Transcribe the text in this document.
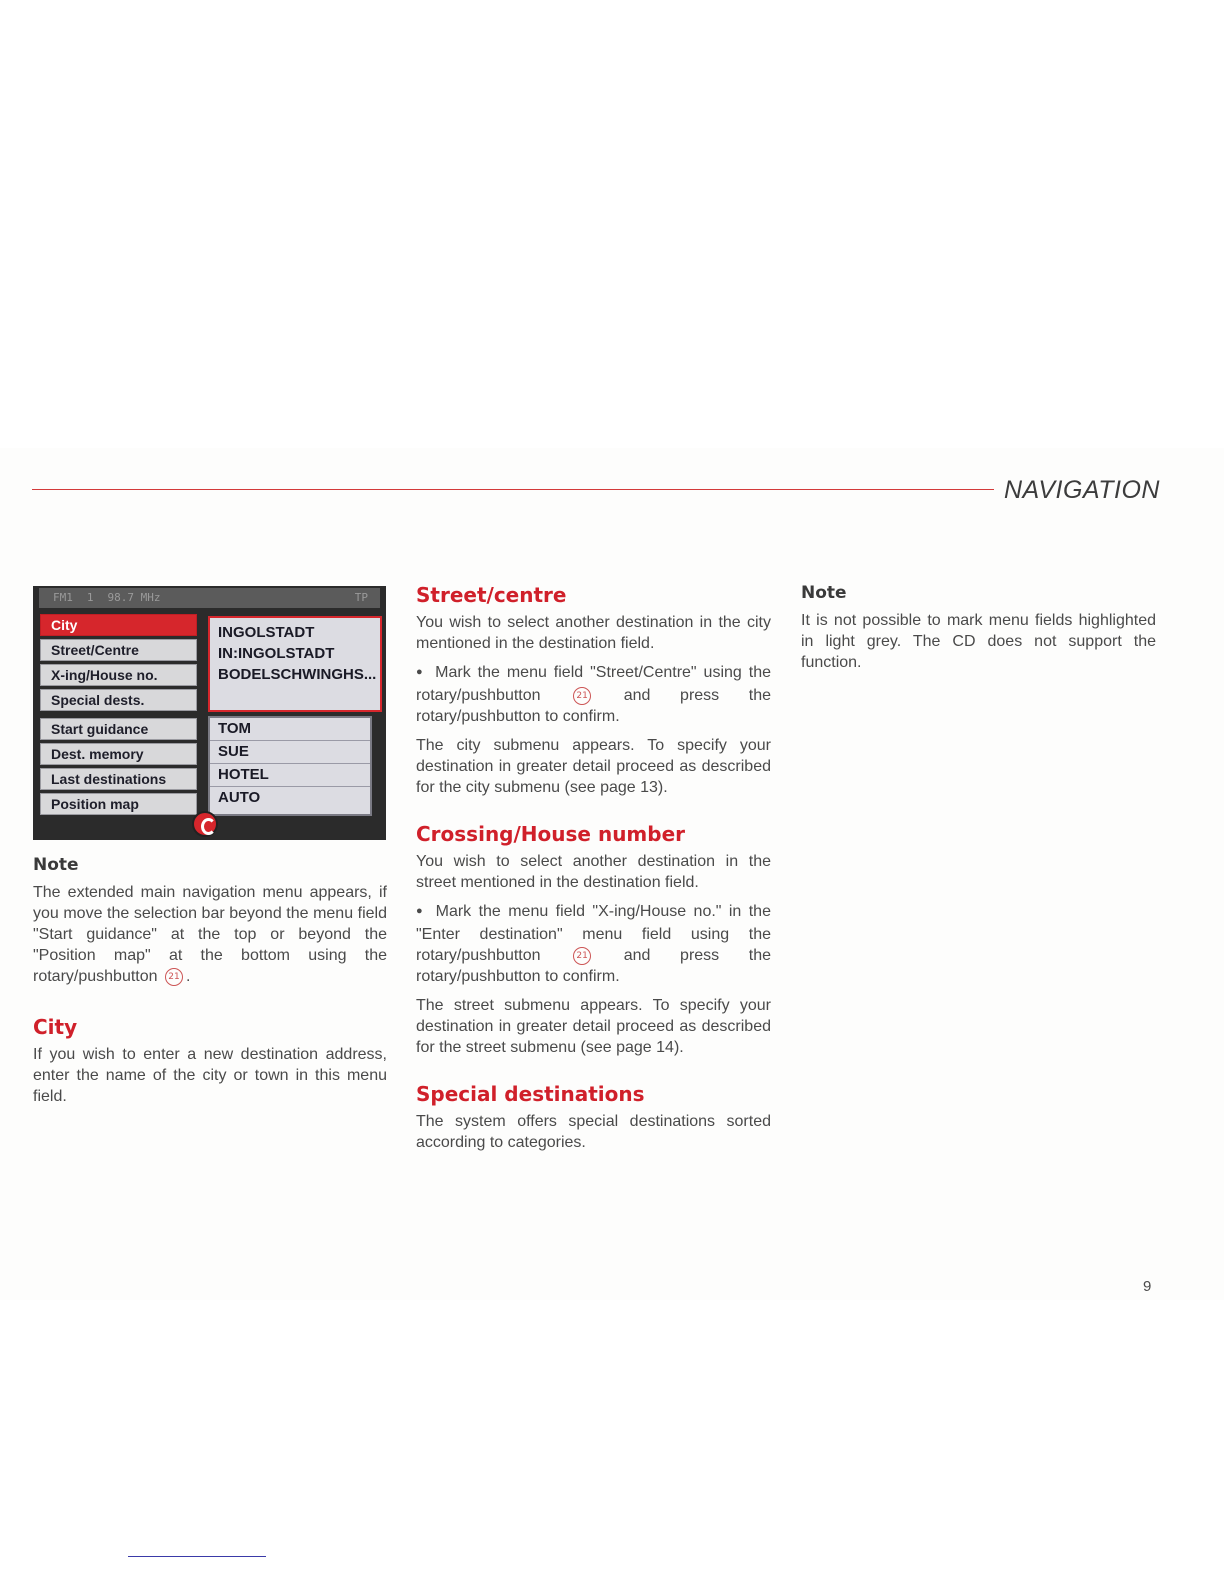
NAVIGATION
FM1 1 98.7 MHz	TP
City
Street/Centre
X-ing/House no.
Special dests.
Start guidance
Dest. memory
Last destinations
Position map
INGOLSTADT
IN:INGOLSTADT
BODELSCHWINGHS...
TOM
SUE
HOTEL
AUTO
Note

The extended main navigation menu appears, if you move the selection bar beyond the menu field "Start guidance" at the top or beyond the "Position map" at the bottom using the rotary/pushbutton 21 .

City

If you wish to enter a new destination address, enter the name of the city or town in this menu field.

Street/centre

You wish to select another destination in the city mentioned in the destination field.

● Mark the menu field "Street/Centre" using the rotary/pushbutton	21 and press the rotary/pushbutton to confirm.

The city submenu appears. To specify your destination in greater detail proceed as described for the city submenu (see page 13).

Crossing/House number

You wish to select another destination in the street mentioned in the destination field.

● Mark the menu field "X-ing/House no." in the "Enter destination" menu field using the rotary/pushbutton	21 and press the rotary/pushbutton to confirm.

The street submenu appears. To specify your destination in greater detail proceed as described for the street submenu (see page 14).

Special destinations

The system offers special destinations sorted according to categories.

Note

It is not possible to mark menu fields highlighted in light grey. The CD does not support the function.

9
